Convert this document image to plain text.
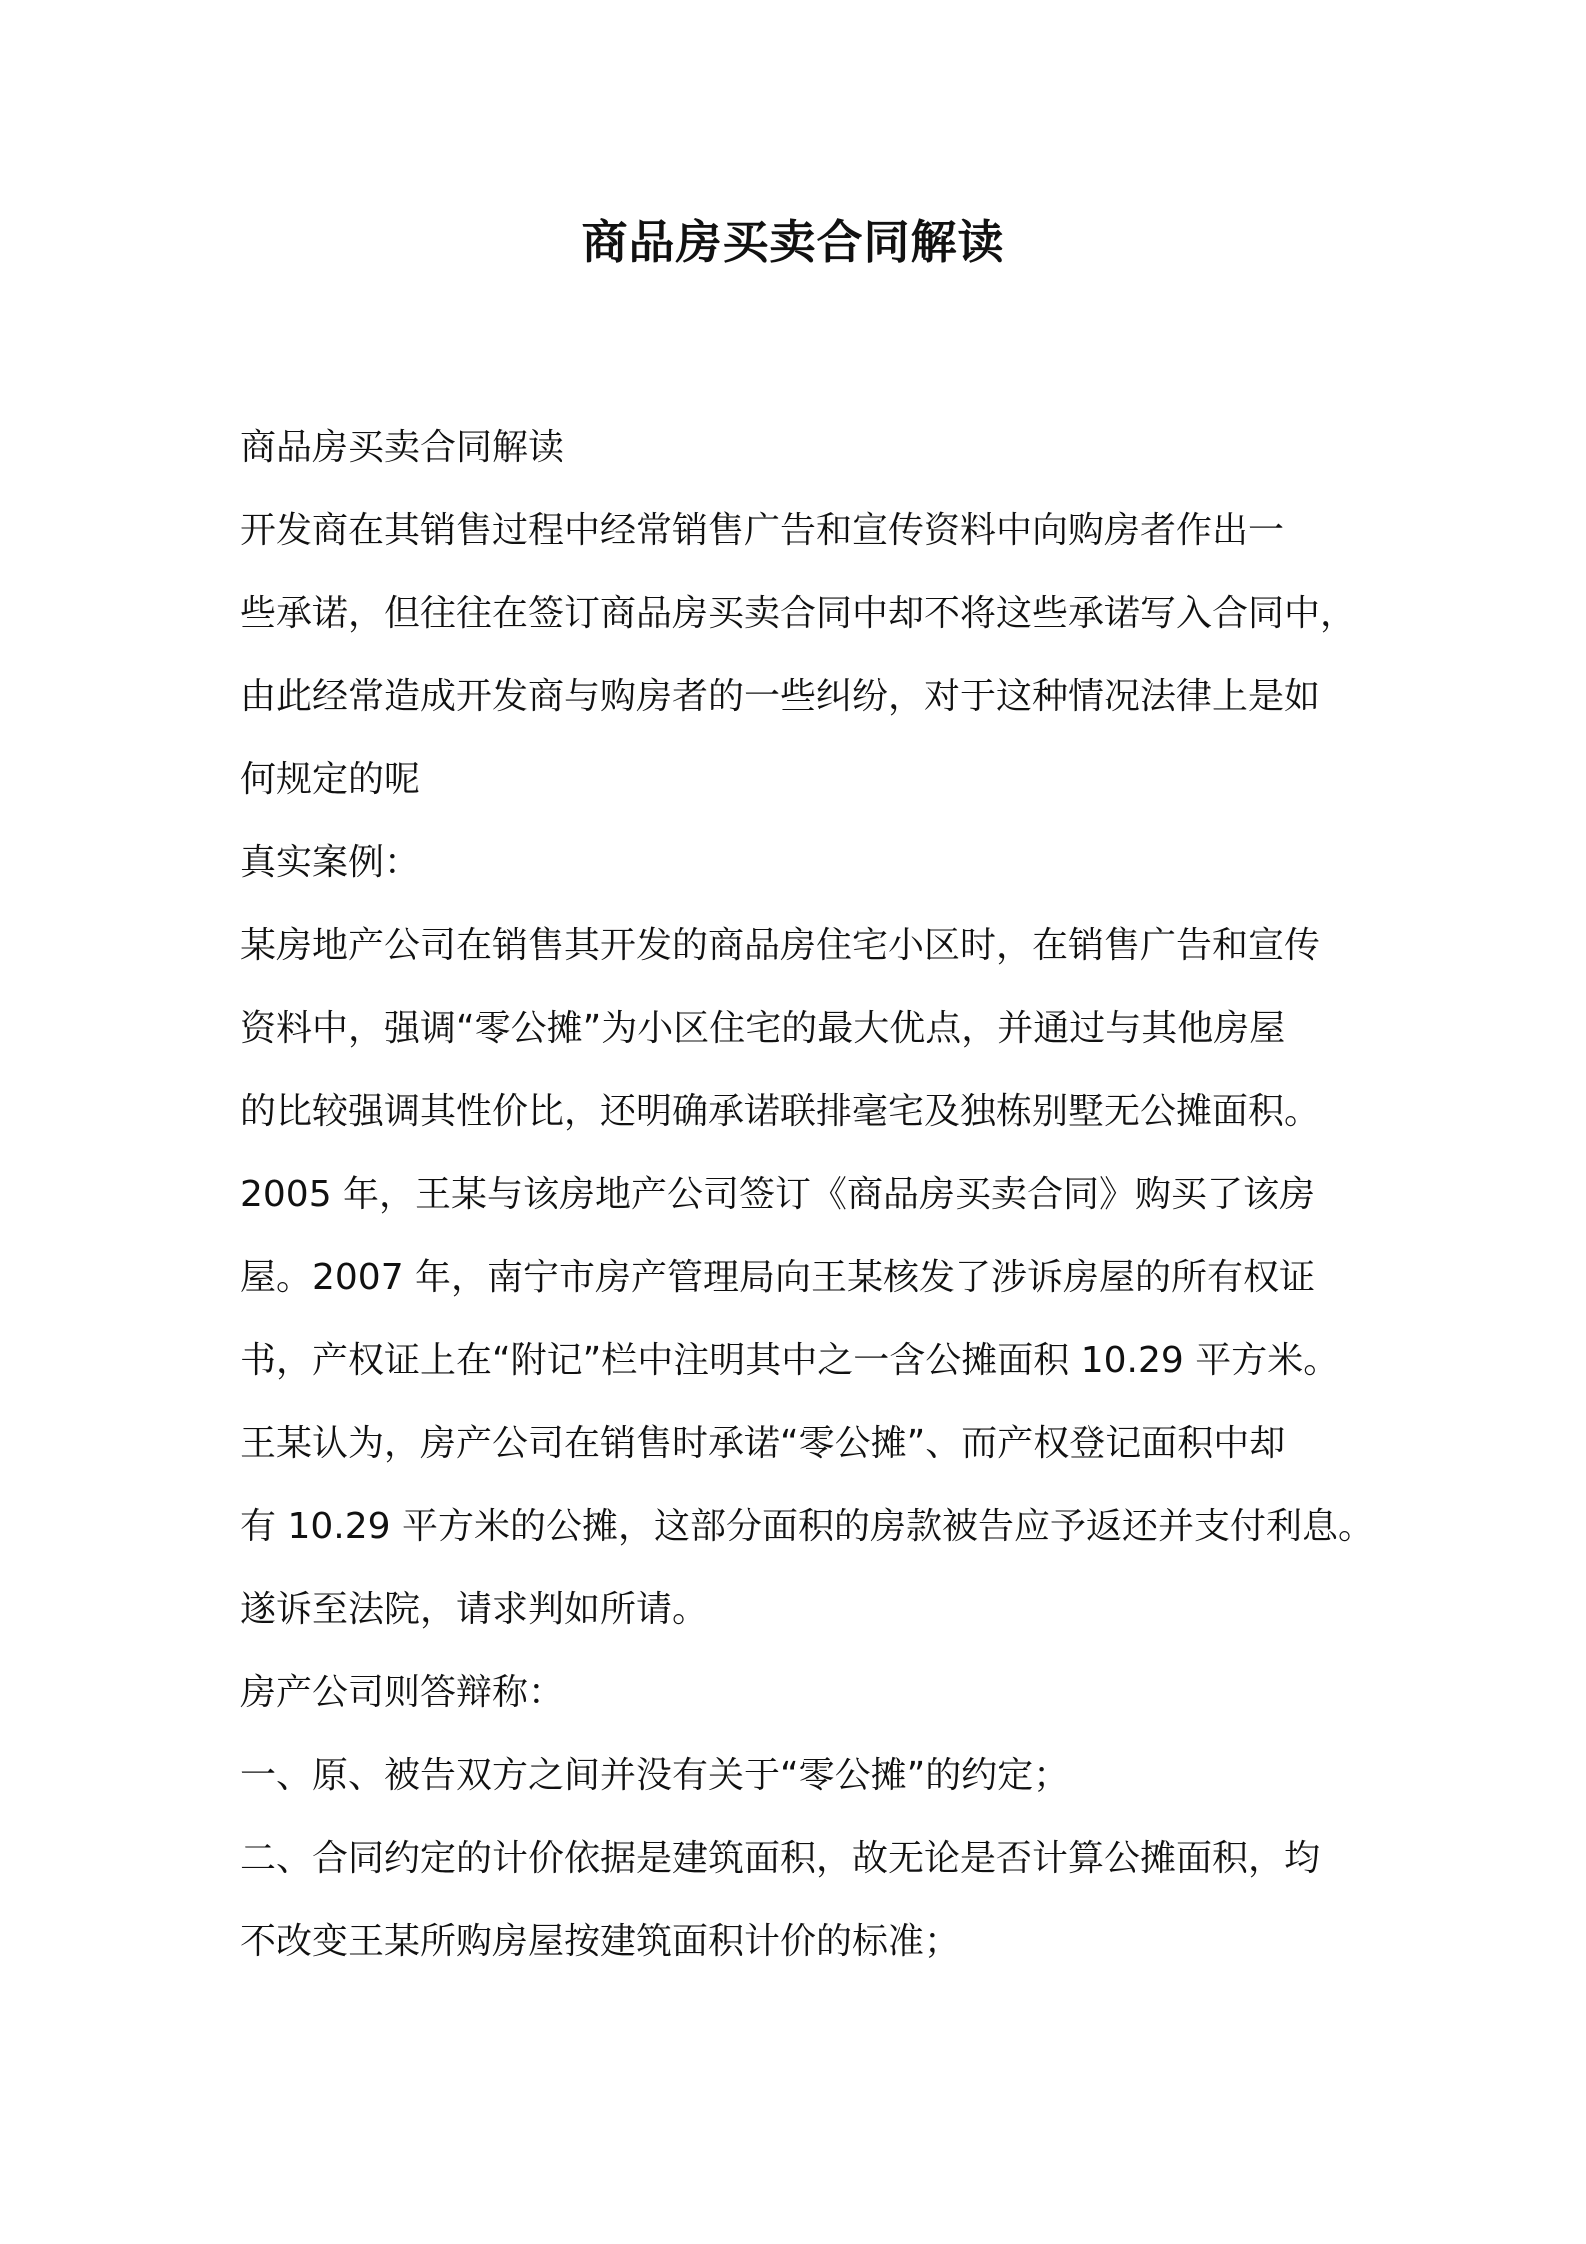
商品房买卖合同解读
商品房买卖合同解读
开发商在其销售过程中经常销售广告和宣传资料中向购房者作出一
些承诺，但往往在签订商品房买卖合同中却不将这些承诺写入合同中，
由此经常造成开发商与购房者的一些纠纷，对于这种情况法律上是如
何规定的呢
真实案例：
某房地产公司在销售其开发的商品房住宅小区时，在销售广告和宣传
资料中，强调“零公摊”为小区住宅的最大优点，并通过与其他房屋
的比较强调其性价比，还明确承诺联排毫宅及独栋别墅无公摊面积。
2005 年，王某与该房地产公司签订《商品房买卖合同》购买了该房
屋。2007 年，南宁市房产管理局向王某核发了涉诉房屋的所有权证
书，产权证上在“附记”栏中注明其中之一含公摊面积 10.29 平方米。
王某认为，房产公司在销售时承诺“零公摊”、而产权登记面积中却
有 10.29 平方米的公摊，这部分面积的房款被告应予返还并支付利息。
遂诉至法院，请求判如所请。
房产公司则答辩称：
一、原、被告双方之间并没有关于“零公摊”的约定；
二、合同约定的计价依据是建筑面积，故无论是否计算公摊面积，均
不改变王某所购房屋按建筑面积计价的标准；
